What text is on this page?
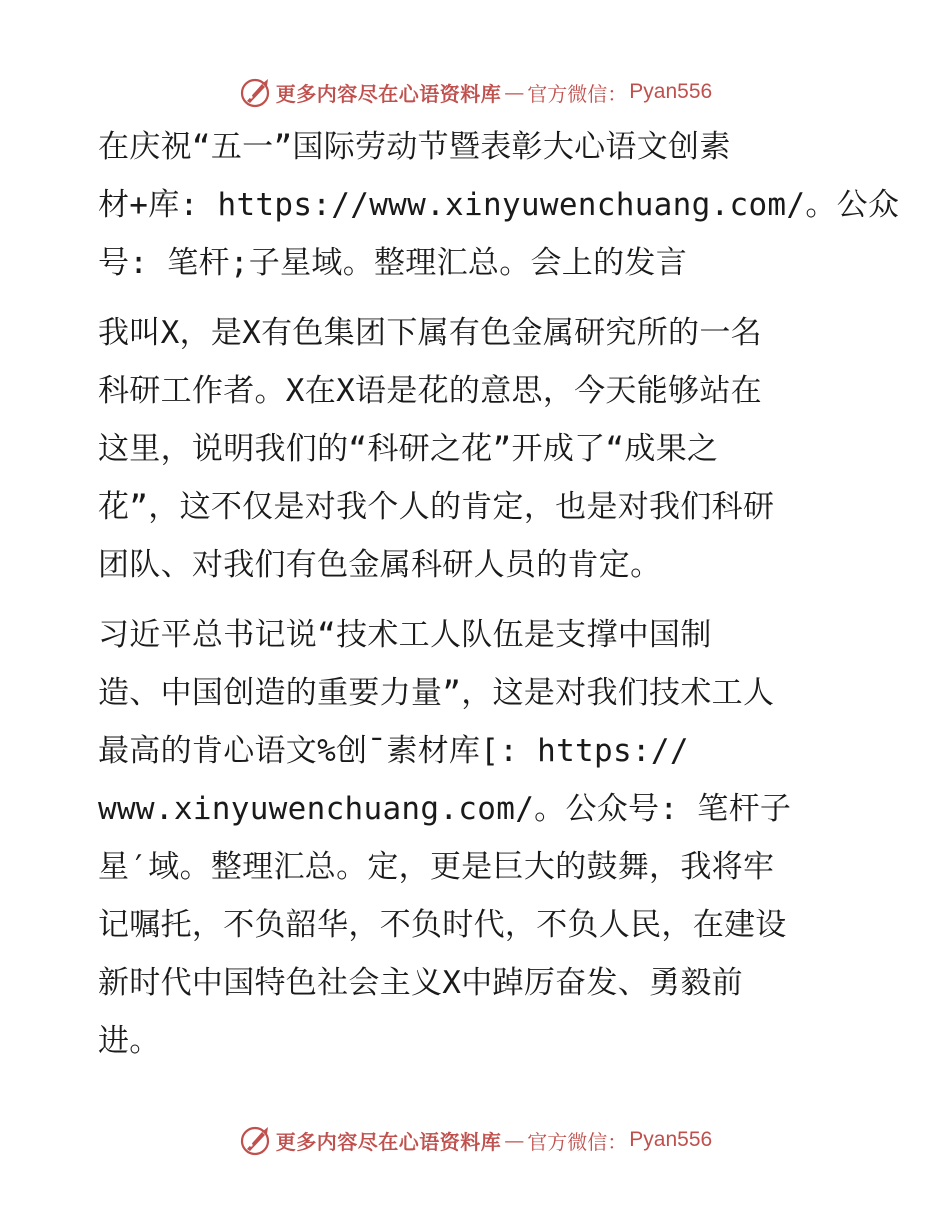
更多内容尽在心语资料库 — 官方微信： Pyan556
在庆祝“五一”国际劳动节暨表彰大心语文创素
材+库: https://www.xinyuwenchuang.com/。公众
号: 笔杆;子星域。整理汇总。会上的发言
我叫X，是X有色集团下属有色金属研究所的一名
科研工作者。X在X语是花的意思，今天能够站在
这里，说明我们的“科研之花”开成了“成果之
花”，这不仅是对我个人的肯定，也是对我们科研
团队、对我们有色金属科研人员的肯定。
习近平总书记说“技术工人队伍是支撑中国制
造、中国创造的重要力量”，这是对我们技术工人
最高的肯心语文%创¯素材库[: https://
www.xinyuwenchuang.com/。公众号: 笔杆子
星′域。整理汇总。定，更是巨大的鼓舞，我将牢
记嘱托，不负韶华，不负时代，不负人民，在建设
新时代中国特色社会主义X中踔厉奋发、勇毅前
进。
更多内容尽在心语资料库 — 官方微信： Pyan556
